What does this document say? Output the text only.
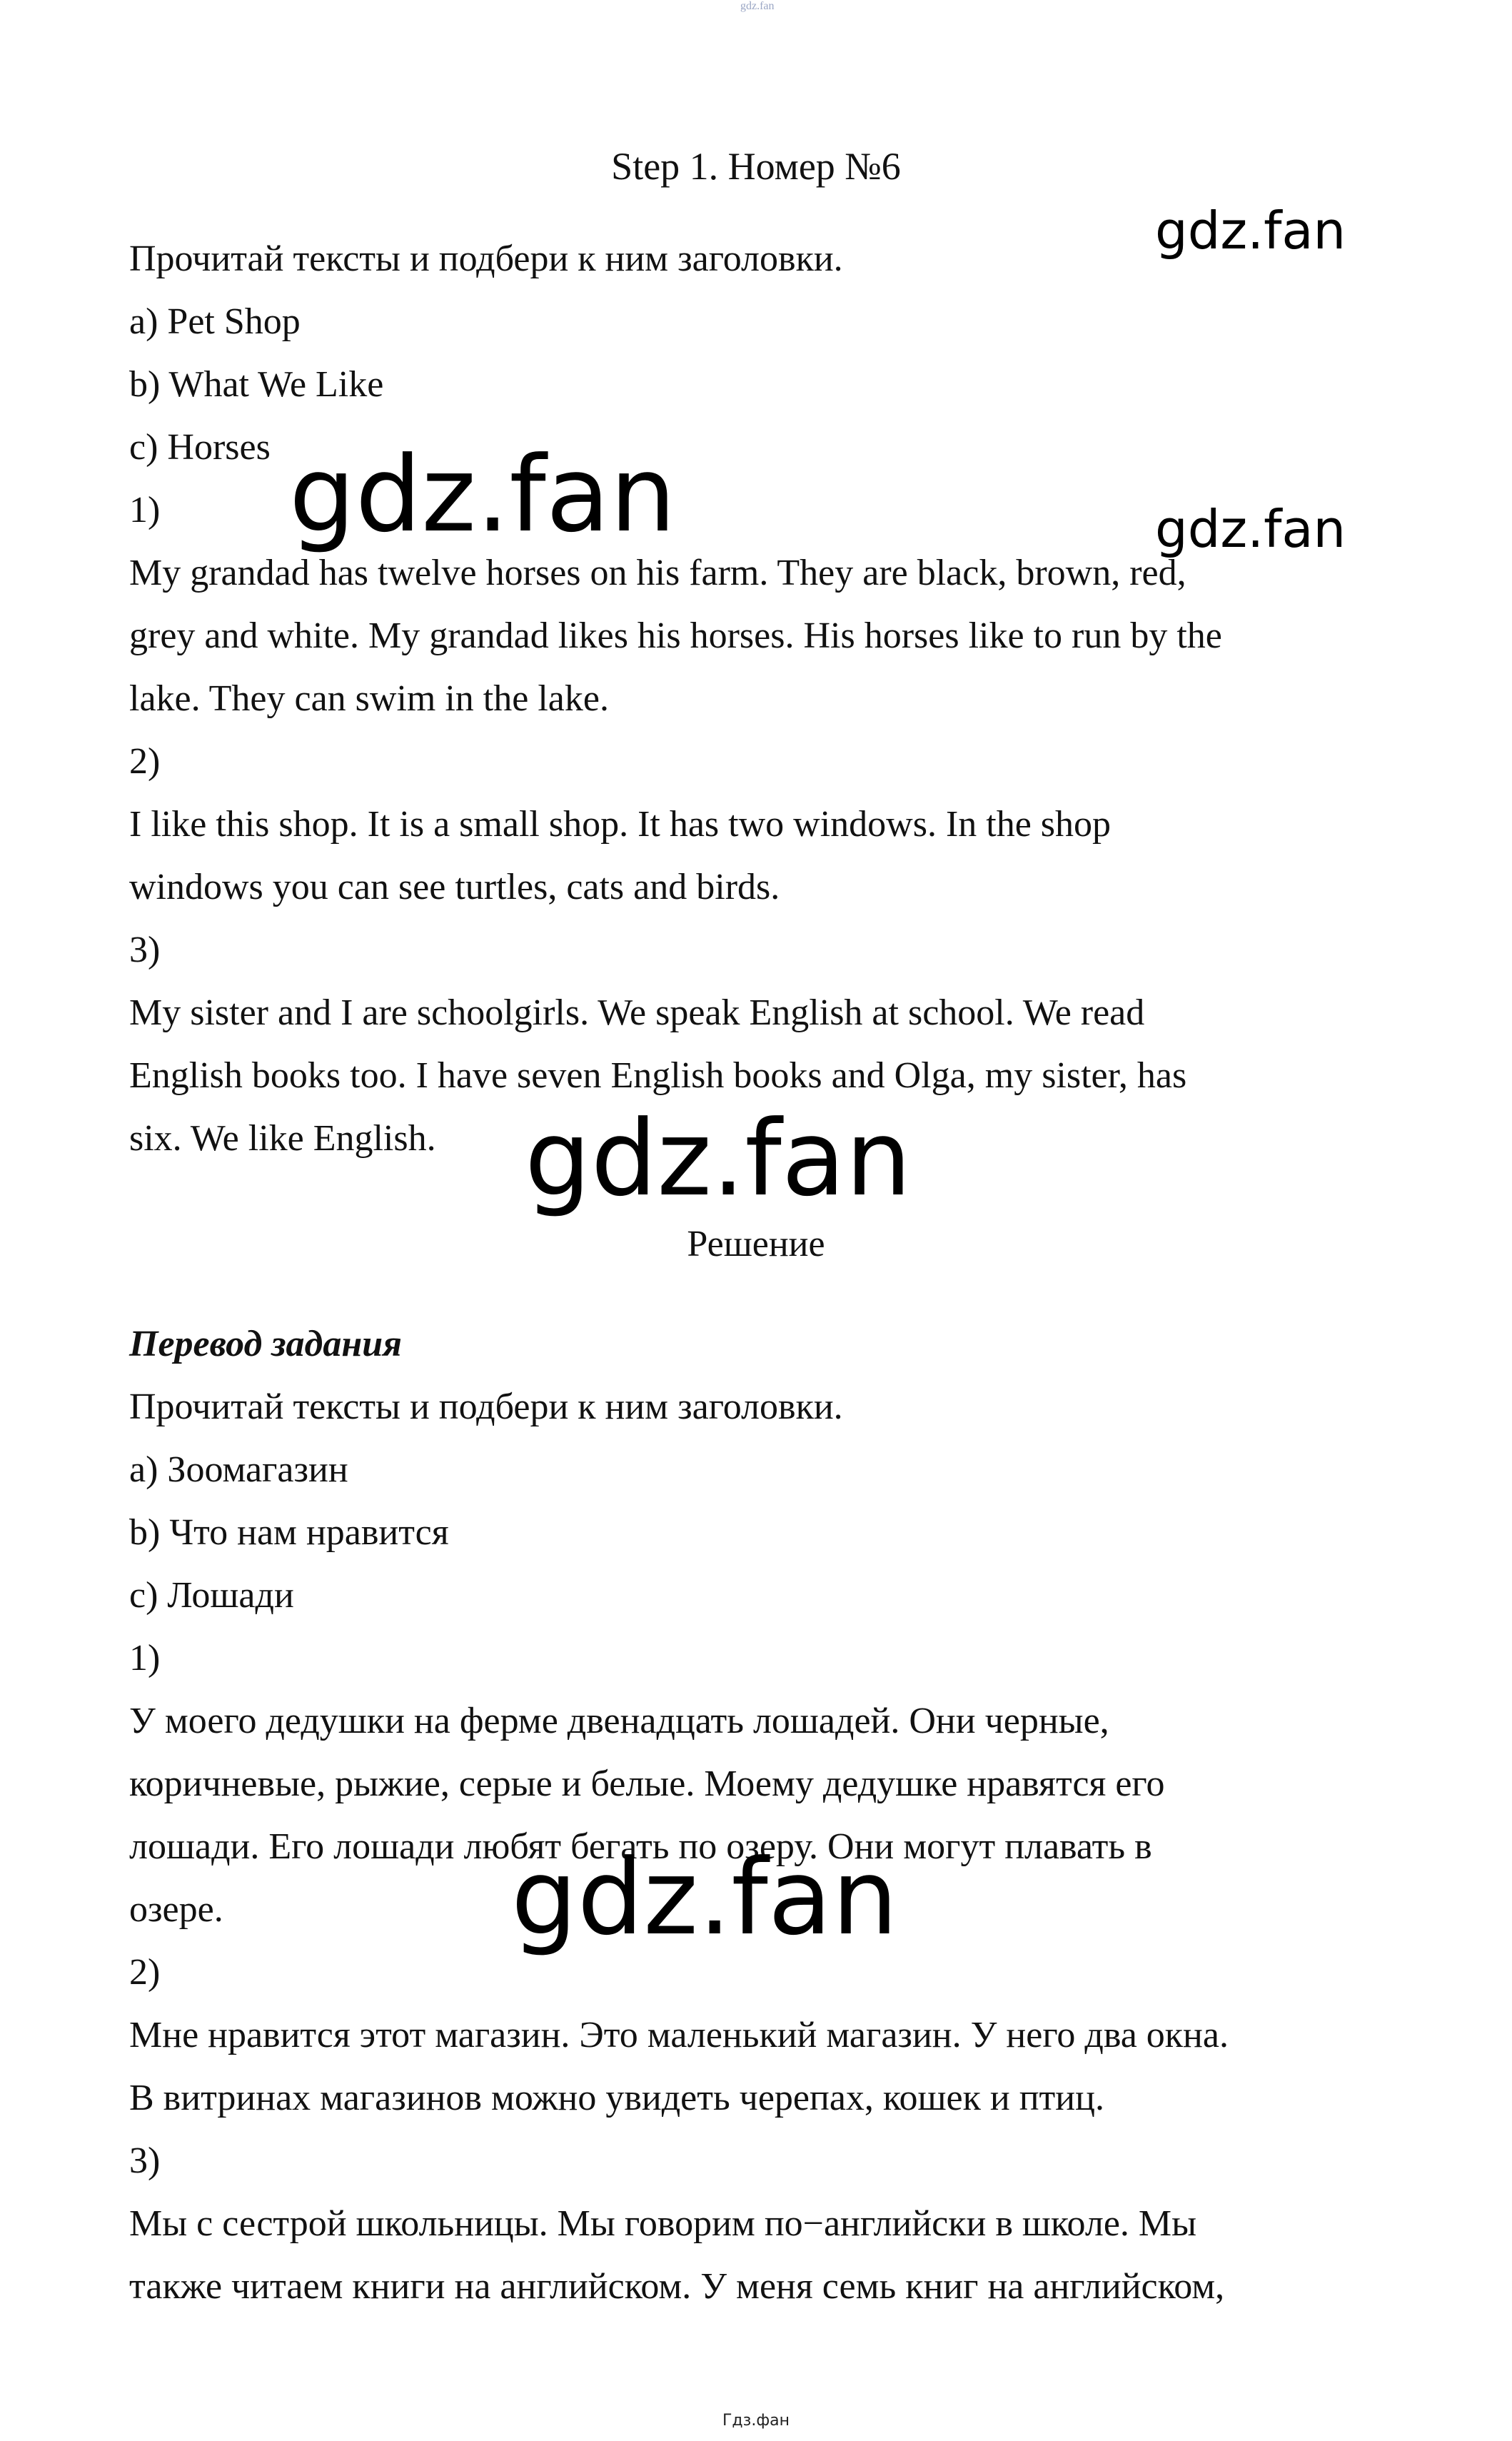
gdz.fan
Step 1. Номер №6
Прочитай тексты и подбери к ним заголовки.
a) Pet Shop
b) What We Like
c) Horses
1)
My grandad has twelve horses on his farm. They are black, brown, red,
grey and white. My grandad likes his horses. His horses like to run by the
lake. They can swim in the lake.
2)
I like this shop. It is a small shop. It has two windows. In the shop
windows you can see turtles, cats and birds.
3)
My sister and I are schoolgirls. We speak English at school. We read
English books too. I have seven English books and Olga, my sister, has
six. We like English.
Решение
Перевод задания
Прочитай тексты и подбери к ним заголовки.
a) Зоомагазин
b) Что нам нравится
c) Лошади
1)
У моего дедушки на ферме двенадцать лошадей. Они черные,
коричневые, рыжие, серые и белые. Моему дедушке нравятся его
лошади. Его лошади любят бегать по озеру. Они могут плавать в
озере.
2)
Мне нравится этот магазин. Это маленький магазин. У него два окна.
В витринах магазинов можно увидеть черепах, кошек и птиц.
3)
Мы с сестрой школьницы. Мы говорим по−английски в школе. Мы
также читаем книги на английском. У меня семь книг на английском,
gdz.fan
gdz.fan	gdz.fan
gdz.fan
gdz.fan
Гдз.фан
